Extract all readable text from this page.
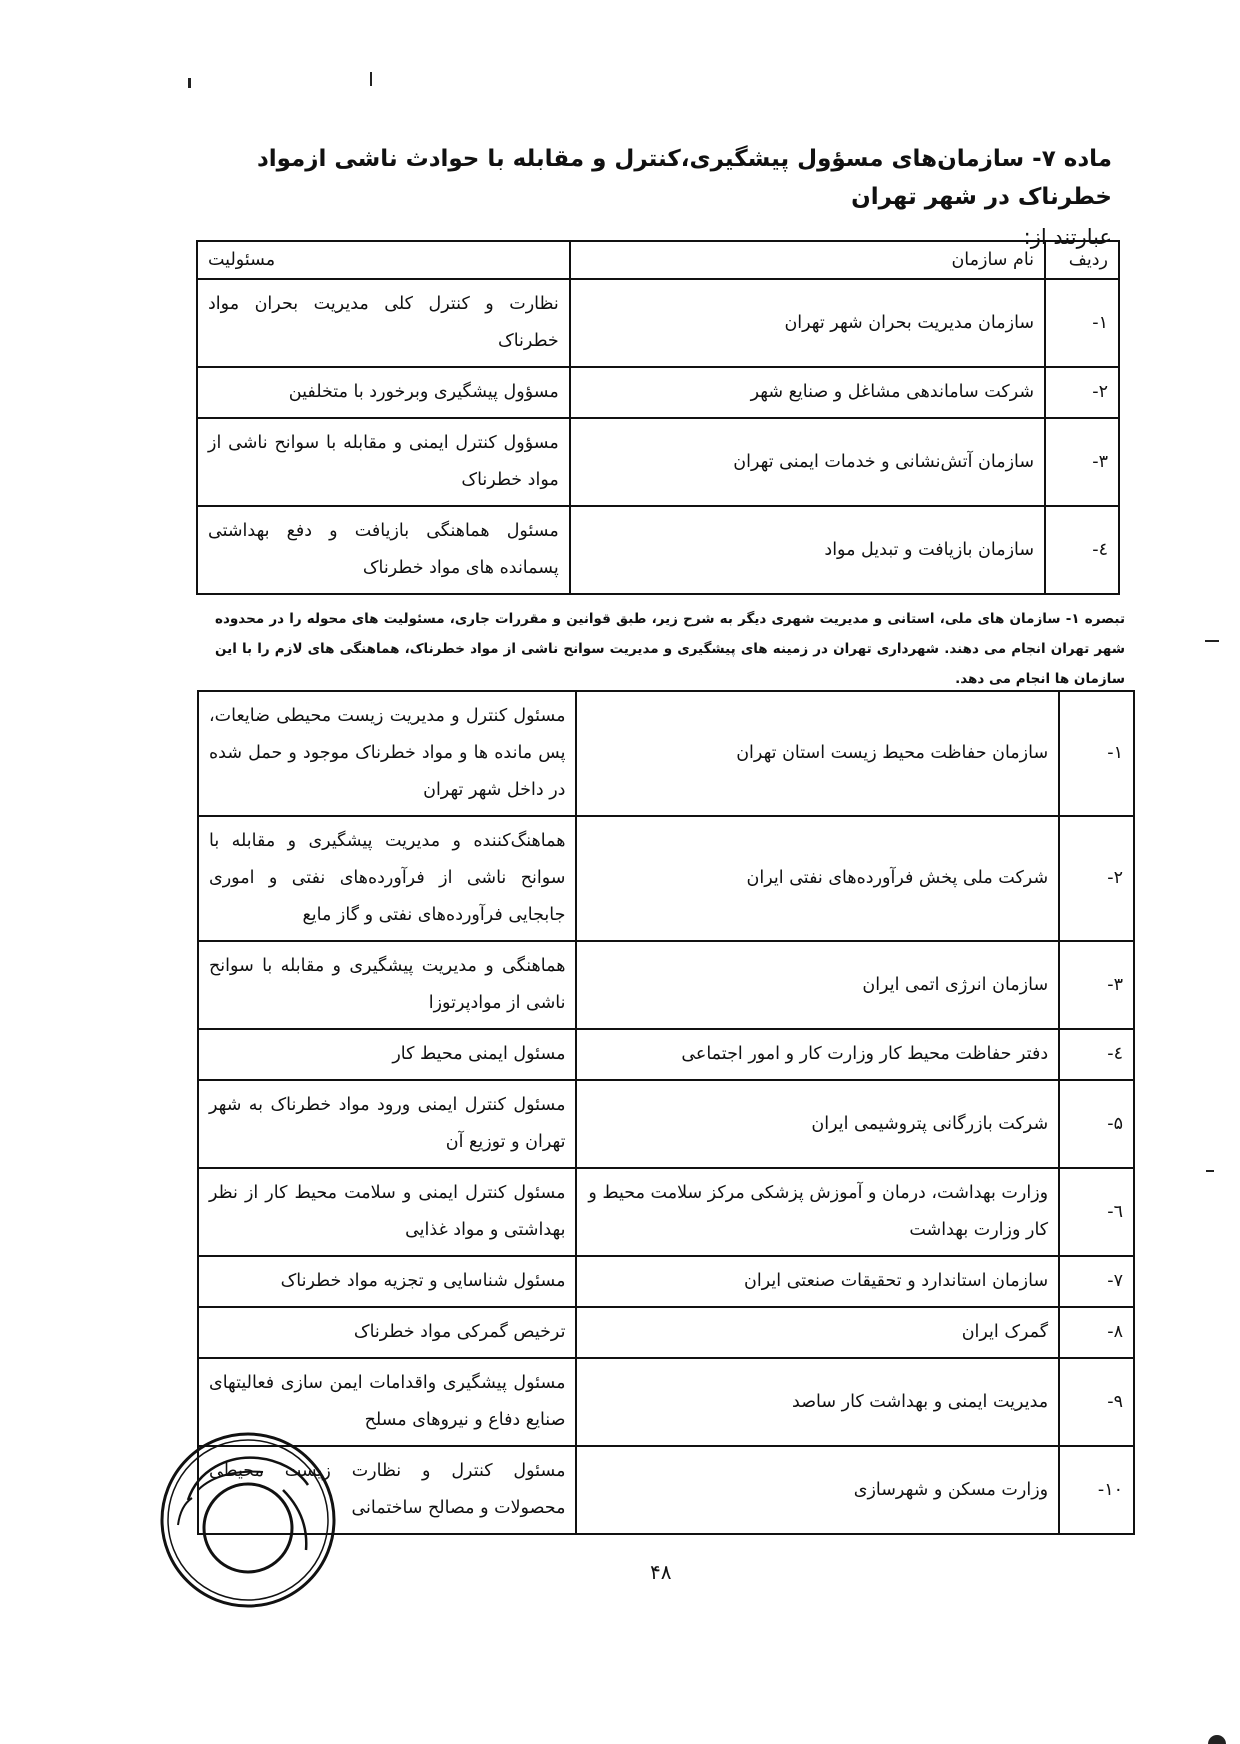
ماده ۷- سازمان‌های مسؤول پیشگیری،کنترل و مقابله با حوادث ناشی ازمواد خطرناک در شهر تهران

عبارتند از:

ردیف	نام سازمان	مسئولیت
۱-	سازمان مدیریت بحران شهر تهران	نظارت و کنترل کلی مدیریت بحران مواد خطرناک
۲-	شرکت ساماندهی مشاغل و صنایع شهر	مسؤول پیشگیری وبرخورد با متخلفین
۳-	سازمان آتش‌نشانی و خدمات ایمنی تهران	مسؤول کنترل ایمنی و مقابله با سوانح ناشی از مواد خطرناک
٤-	سازمان بازیافت و تبدیل مواد	مسئول هماهنگی بازیافت و دفع بهداشتی پسمانده های مواد خطرناک

تبصره ۱- سازمان های ملی، استانی و مدیریت شهری دیگر به شرح زیر، طبق قوانین و مقررات جاری، مسئولیت های محوله را در محدوده شهر تهران انجام می دهند. شهرداری تهران در زمینه های پیشگیری و مدیریت سوانح ناشی از مواد خطرناک، هماهنگی های لازم را با این سازمان ها انجام می دهد.

۱-	سازمان حفاظت محیط زیست استان تهران	مسئول کنترل و مدیریت زیست محیطی ضایعات، پس مانده ها و مواد خطرناک موجود و حمل شده در داخل شهر تهران
۲-	شرکت ملی پخش فرآورده‌های نفتی ایران	هماهنگ‌کننده و مدیریت پیشگیری و مقابله با سوانح ناشی از فرآورده‌های نفتی و اموری جابجایی فرآورده‌های نفتی و گاز مایع
۳-	سازمان انرژی اتمی ایران	هماهنگی و مدیریت پیشگیری و مقابله با سوانح ناشی از موادپرتوزا
٤-	دفتر حفاظت محیط کار وزارت کار و امور اجتماعی	مسئول ایمنی محیط کار
۵-	شرکت بازرگانی پتروشیمی ایران	مسئول کنترل ایمنی ورود مواد خطرناک به شهر تهران و توزیع آن
٦-	وزارت بهداشت، درمان و آموزش پزشکی مرکز سلامت محیط و کار وزارت بهداشت	مسئول کنترل ایمنی و سلامت محیط کار از نظر بهداشتی و مواد غذایی
۷-	سازمان استاندارد و تحقیقات صنعتی ایران	مسئول شناسایی و تجزیه مواد خطرناک
۸-	گمرک ایران	ترخیص گمرکی مواد خطرناک
۹-	مدیریت ایمنی و بهداشت کار ساصد	مسئول پیشگیری واقدامات ایمن سازی فعالیتهای صنایع دفاع و نیروهای مسلح
۱۰-	وزارت مسکن و شهرسازی	مسئول کنترل و نظارت زیست محیطی محصولات و مصالح ساختمانی
۴۸
